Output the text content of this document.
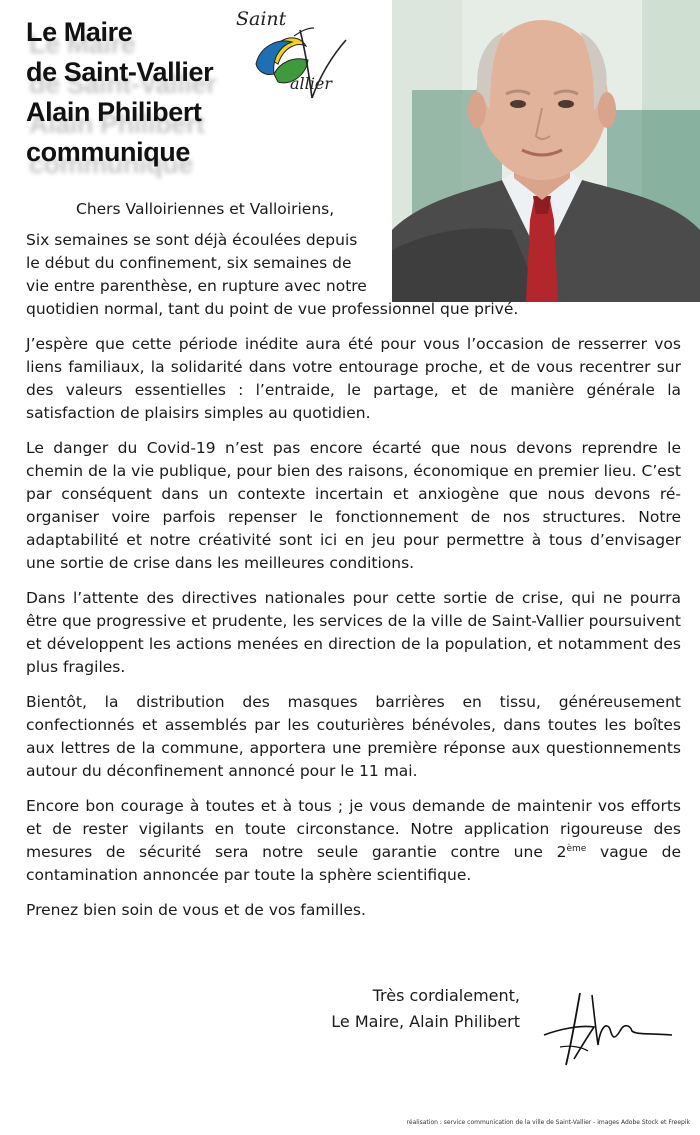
Le Maire
de Saint-Vallier
Alain Philibert
communique
Saint
allier
Chers Valloiriennes et Valloiriens,
Six semaines se sont déjà écoulées depuis
le début du confinement, six semaines de
vie entre parenthèse, en rupture avec notre
quotidien normal, tant du point de vue professionnel que privé.

J’espère que cette période inédite aura été pour vous l’occasion de resserrer vos liens familiaux, la solidarité dans votre entourage proche, et de vous recentrer sur des valeurs essentielles : l’entraide, le partage, et de manière générale la satisfaction de plaisirs simples au quotidien.

Le danger du Covid-19 n’est pas encore écarté que nous devons reprendre le chemin de la vie publique, pour bien des raisons, économique en premier lieu. C’est par conséquent dans un contexte incertain et anxiogène que nous devons ré-organiser voire parfois repenser le fonctionnement de nos structures. Notre adaptabilité et notre créativité sont ici en jeu pour permettre à tous d’envisager une sortie de crise dans les meilleures conditions.

Dans l’attente des directives nationales pour cette sortie de crise, qui ne pourra être que progressive et prudente, les services de la ville de Saint-Vallier poursuivent et développent les actions menées en direction de la population, et notamment des plus fragiles.

Bientôt, la distribution des masques barrières en tissu, généreusement confectionnés et assemblés par les couturières bénévoles, dans toutes les boîtes aux lettres de la commune, apportera une première réponse aux questionnements autour du déconfinement annoncé pour le 11 mai.

Encore bon courage à toutes et à tous ; je vous demande de maintenir vos efforts et de rester vigilants en toute circonstance. Notre application rigoureuse des mesures de sécurité sera notre seule garantie contre une 2ème vague de contamination annoncée par toute la sphère scientifique.

Prenez bien soin de vous et de vos familles.

Très cordialement,
Le Maire, Alain Philibert
réalisation : service communication de la ville de Saint-Vallier - images Adobe Stock et Freepik
